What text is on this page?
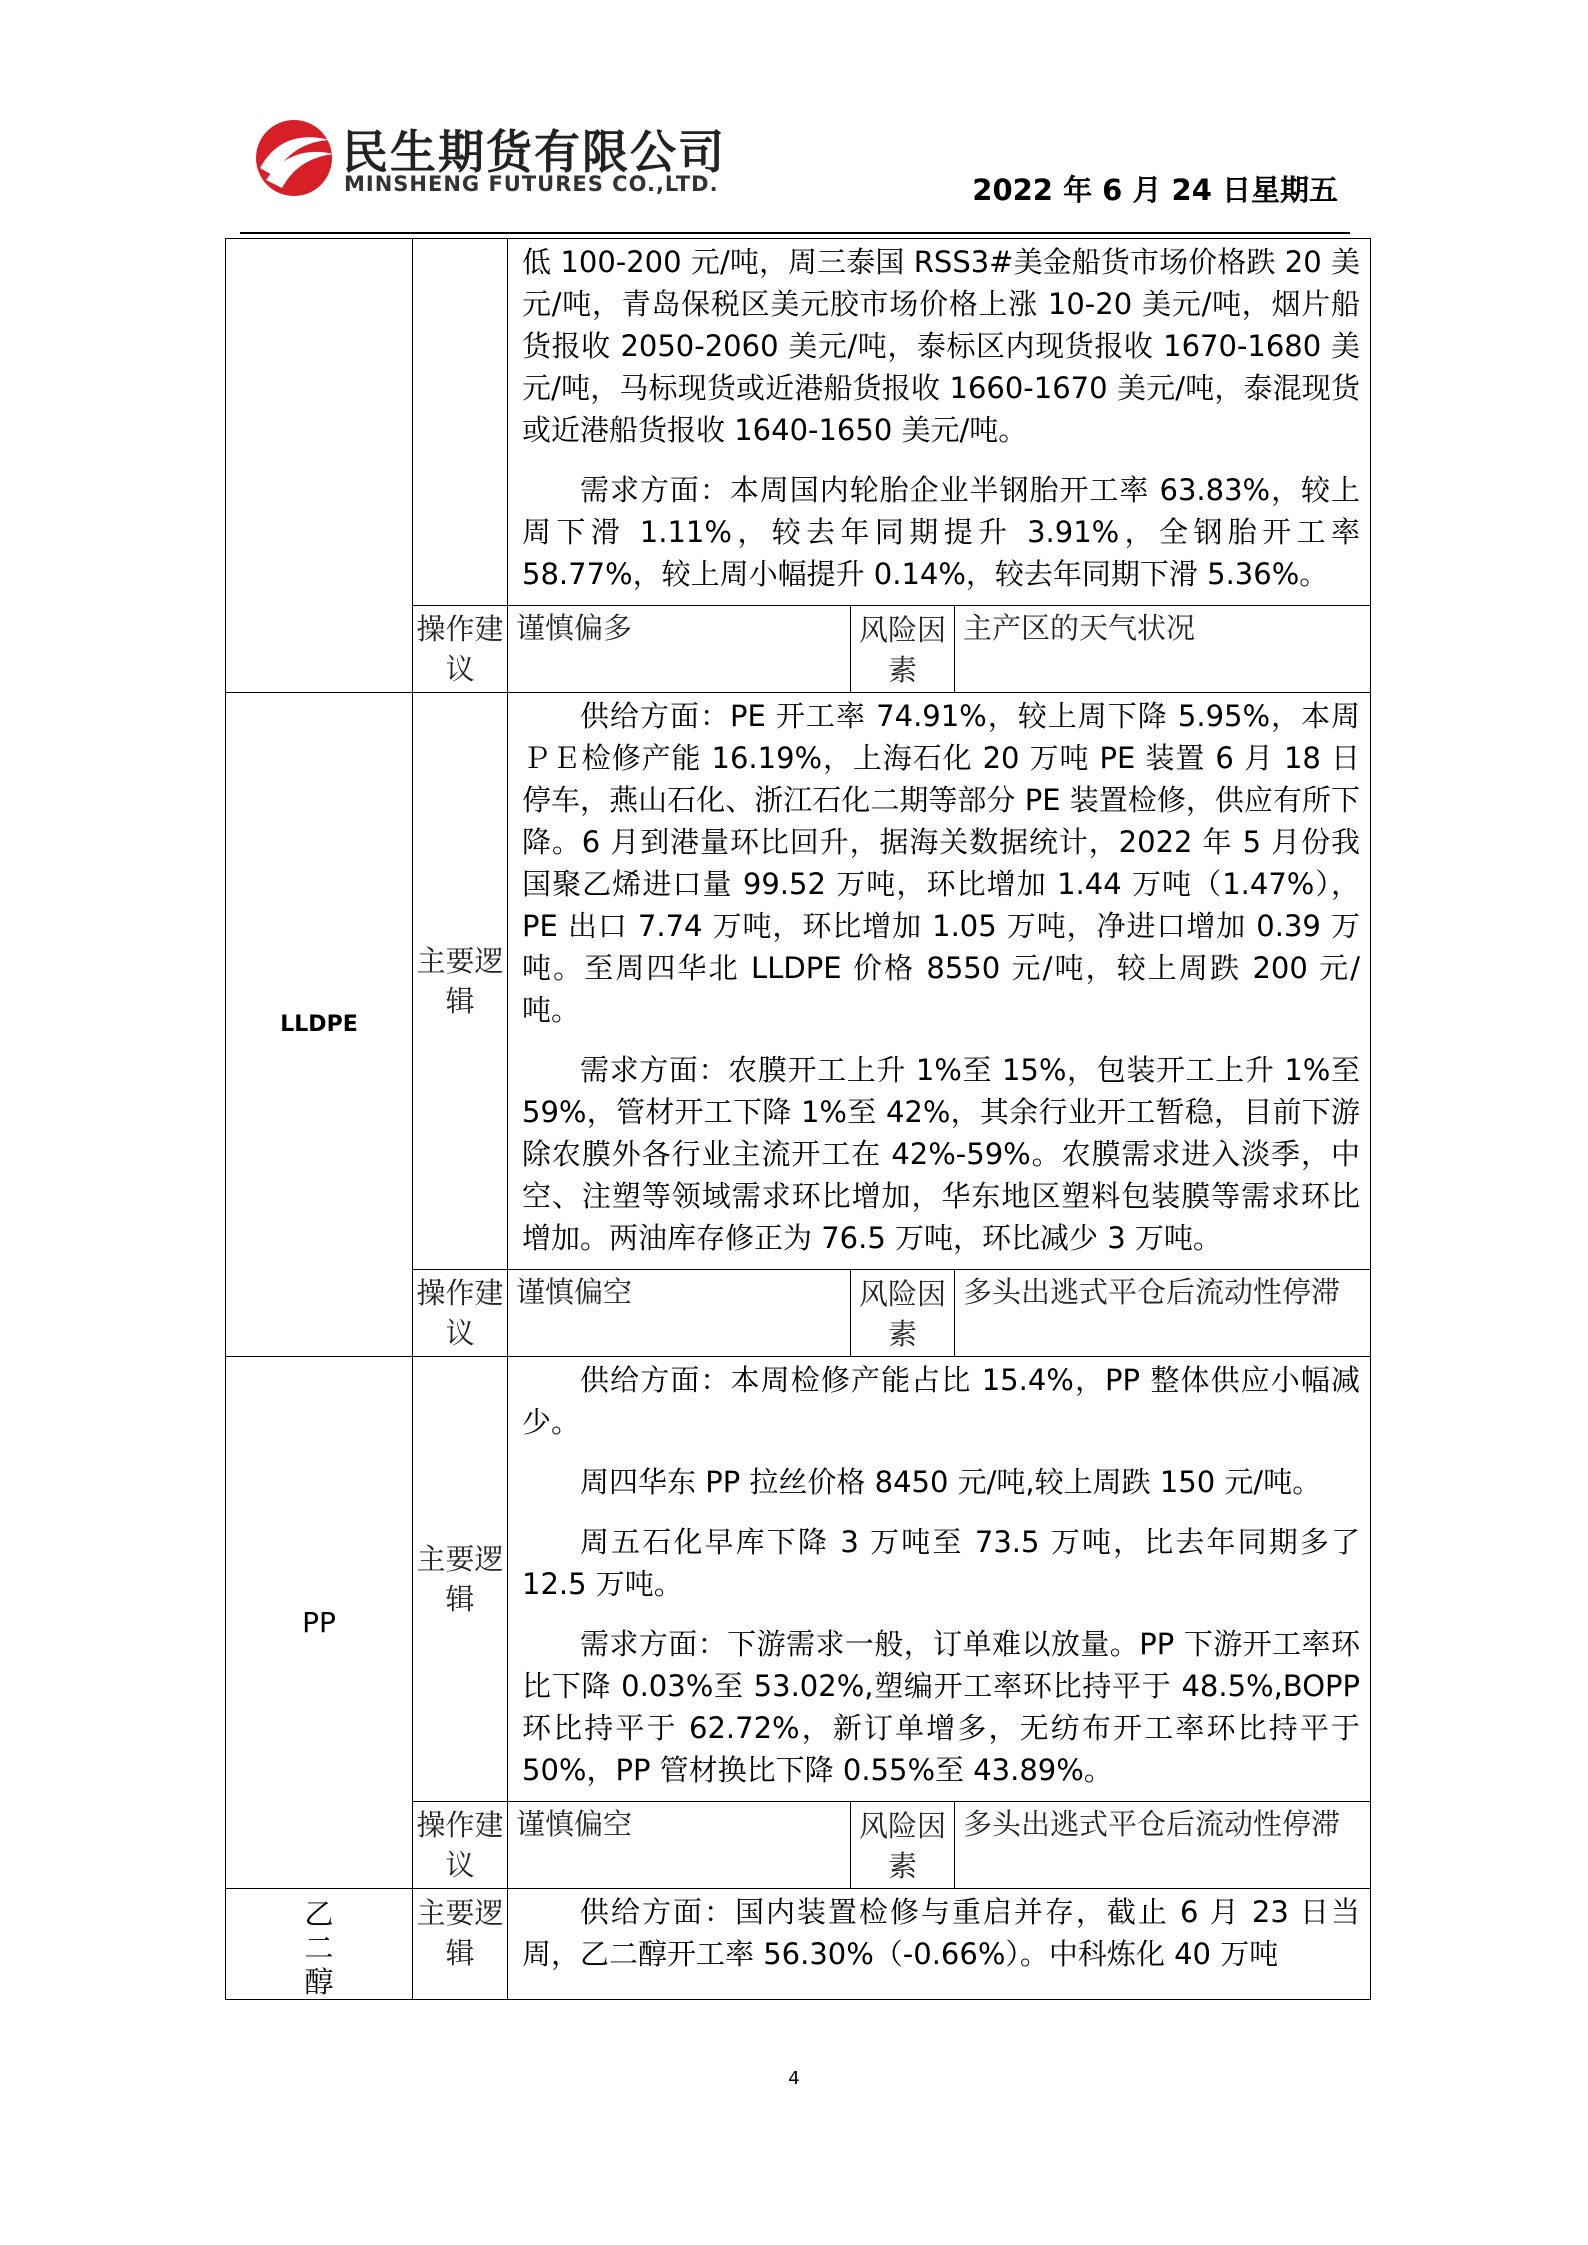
民生期货有限公司
MINSHENG FUTURES CO.,LTD.	2022 年 6 月 24 日星期五

		低 100-200 元/吨，周三泰国 RSS3#美金船货市场价格跌 20 美元/吨，青岛保税区美元胶市场价格上涨 10-20 美元/吨，烟片船货报收 2050-2060 美元/吨，泰标区内现货报收 1670-1680 美元/吨，马标现货或近港船货报收 1660-1670 美元/吨，泰混现货或近港船货报收 1640-1650 美元/吨。

需求方面：本周国内轮胎企业半钢胎开工率 63.83%，较上周下滑 1.11%，较去年同期提升 3.91%，全钢胎开工率 58.77%，较上周小幅提升 0.14%，较去年同期下滑 5.36%。		

	操作建议	谨慎偏多	风险因素	主产区的天气状况
LLDPE	主要逻辑	供给方面：PE 开工率 74.91%，较上周下降 5.95%，本周ＰＥ检修产能 16.19%，上海石化 20 万吨 PE 装置 6 月 18 日停车，燕山石化、浙江石化二期等部分 PE 装置检修，供应有所下降。6 月到港量环比回升，据海关数据统计，2022 年 5 月份我国聚乙烯进口量 99.52 万吨，环比增加 1.44 万吨（1.47%），PE 出口 7.74 万吨，环比增加 1.05 万吨，净进口增加 0.39 万吨。至周四华北 LLDPE 价格 8550 元/吨，较上周跌 200 元/吨。

需求方面：农膜开工上升 1%至 15%，包装开工上升 1%至 59%，管材开工下降 1%至 42%，其余行业开工暂稳，目前下游除农膜外各行业主流开工在 42%-59%。农膜需求进入淡季，中空、注塑等领域需求环比增加，华东地区塑料包装膜等需求环比增加。两油库存修正为 76.5 万吨，环比减少 3 万吨。		

	操作建议	谨慎偏空	风险因素	多头出逃式平仓后流动性停滞
PP	主要逻辑	供给方面：本周检修产能占比 15.4%，PP 整体供应小幅减少。

周四华东 PP 拉丝价格 8450 元/吨,较上周跌 150 元/吨。

周五石化早库下降 3 万吨至 73.5 万吨，比去年同期多了 12.5 万吨。

需求方面：下游需求一般，订单难以放量。PP 下游开工率环比下降 0.03%至 53.02%,塑编开工率环比持平于 48.5%,BOPP 环比持平于 62.72%，新订单增多，无纺布开工率环比持平于 50%，PP 管材换比下降 0.55%至 43.89%。		

	操作建议	谨慎偏空	风险因素	多头出逃式平仓后流动性停滞

乙二醇	主要逻辑	供给方面：国内装置检修与重启并存，截止 6 月 23 日当周，乙二醇开工率 56.30%（-0.66%）。中科炼化 40 万吨		

4
